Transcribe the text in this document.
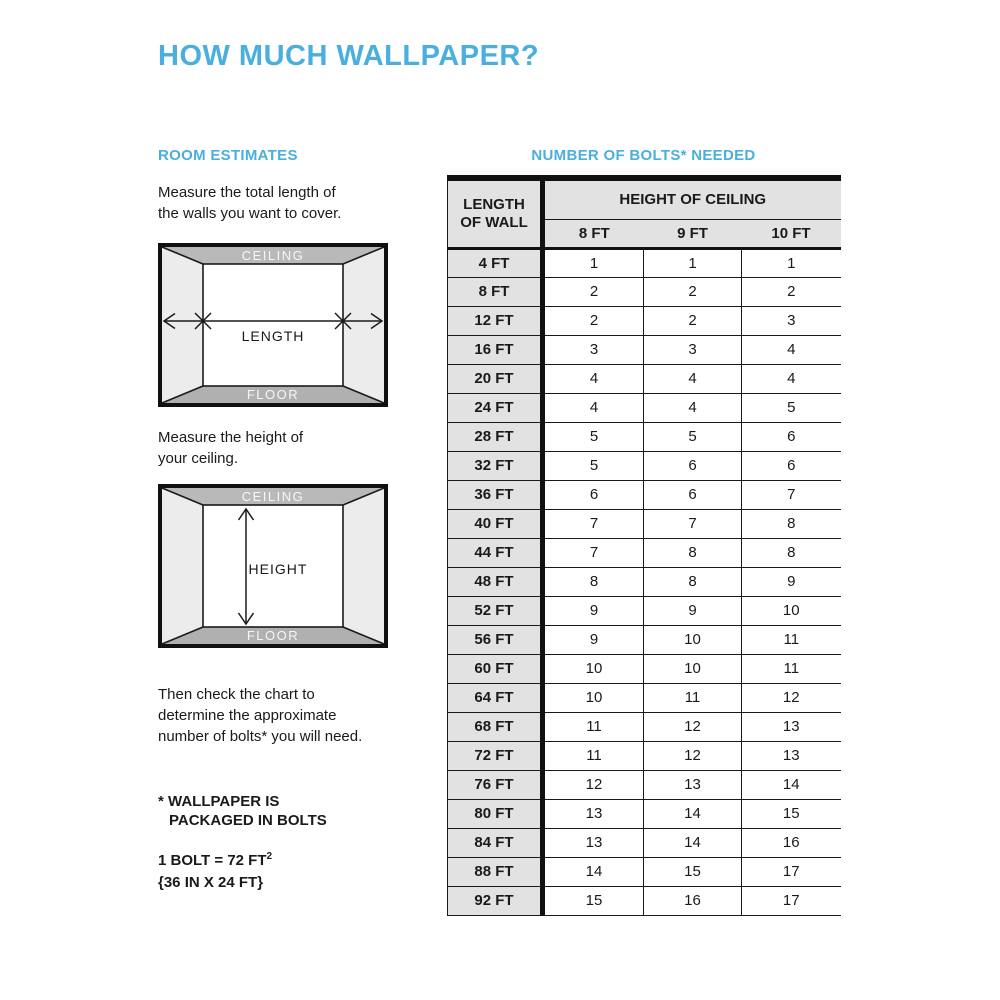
HOW MUCH WALLPAPER?
ROOM ESTIMATES	NUMBER OF BOLTS* NEEDED

Measure the total length of
the walls you want to cover.

CEILING
FLOOR
LENGTH

Measure the height of
your ceiling.

CEILING
FLOOR
HEIGHT

Then check the chart to
determine the approximate
number of bolts* you will need.

* WALLPAPER IS
PACKAGED IN BOLTS
1 BOLT = 72 $FT^2$
{36 IN X 24 FT}
LENGTH
OF WALL	HEIGHT OF CEILING		
	8 FT	9 FT	10 FT
4 FT	1	1	1
8 FT	2	2	2
12 FT	2	2	3
16 FT	3	3	4
20 FT	4	4	4
24 FT	4	4	5
28 FT	5	5	6
32 FT	5	6	6
36 FT	6	6	7
40 FT	7	7	8
44 FT	7	8	8
48 FT	8	8	9
52 FT	9	9	10
56 FT	9	10	11
60 FT	10	10	11
64 FT	10	11	12
68 FT	11	12	13
72 FT	11	12	13
76 FT	12	13	14
80 FT	13	14	15
84 FT	13	14	16
88 FT	14	15	17
92 FT	15	16	17
